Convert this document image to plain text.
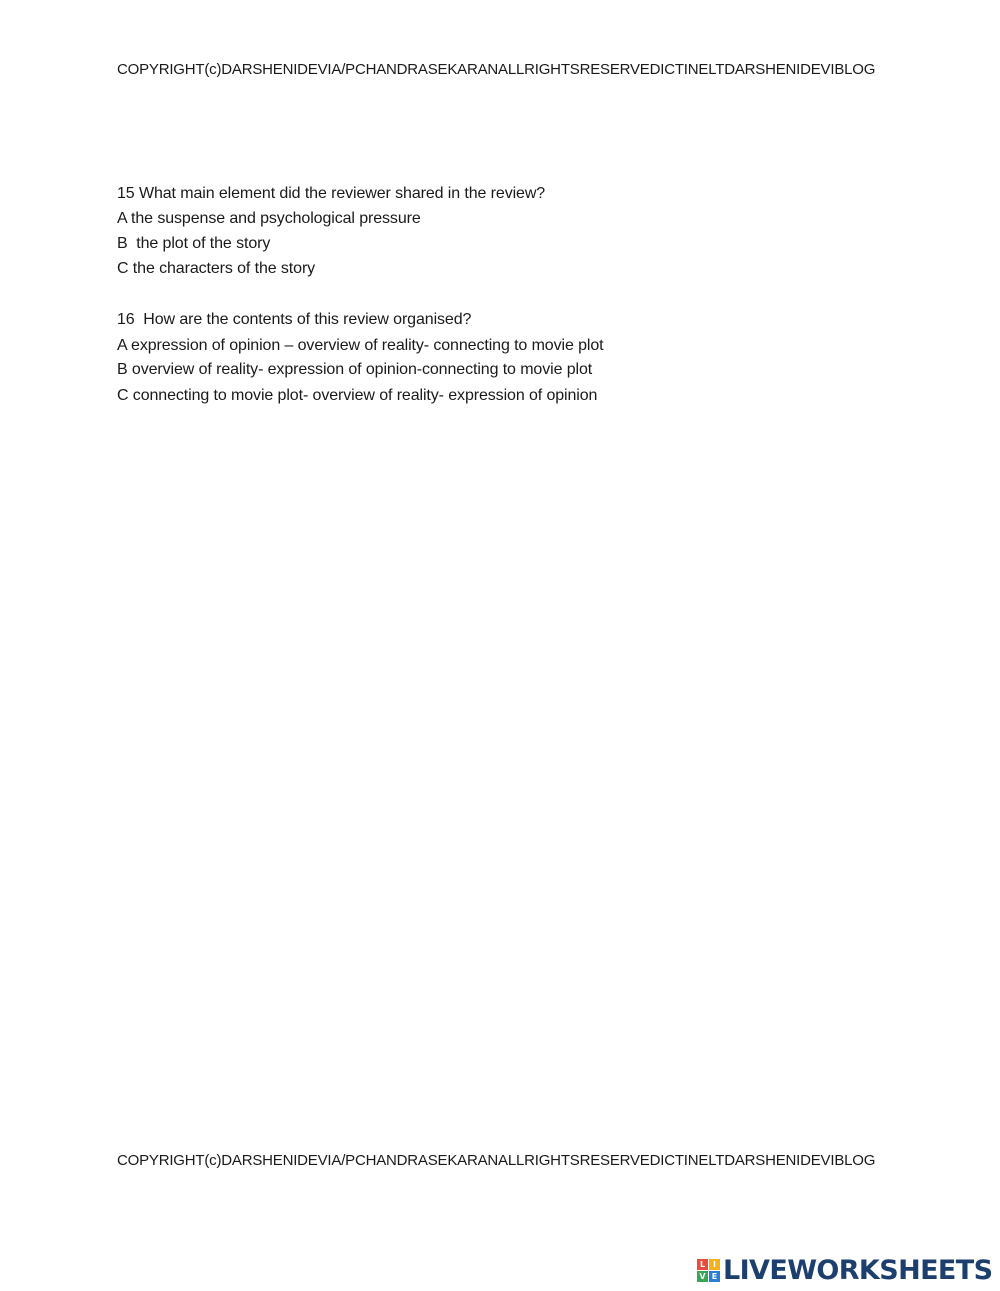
COPYRIGHT(c)DARSHENIDEVIA/PCHANDRASEKARANALLRIGHTSRESERVEDICTINELTDARSHENIDEVIBLOG
15 What main element did the reviewer shared in the review?
A the suspense and psychological pressure
B  the plot of the story
C the characters of the story
16  How are the contents of this review organised?
A expression of opinion – overview of reality- connecting to movie plot
B overview of reality- expression of opinion-connecting to movie plot
C connecting to movie plot- overview of reality- expression of opinion
COPYRIGHT(c)DARSHENIDEVIA/PCHANDRASEKARANALLRIGHTSRESERVEDICTINELTDARSHENIDEVIBLOG
L I
V E LIVEWORKSHEETS
